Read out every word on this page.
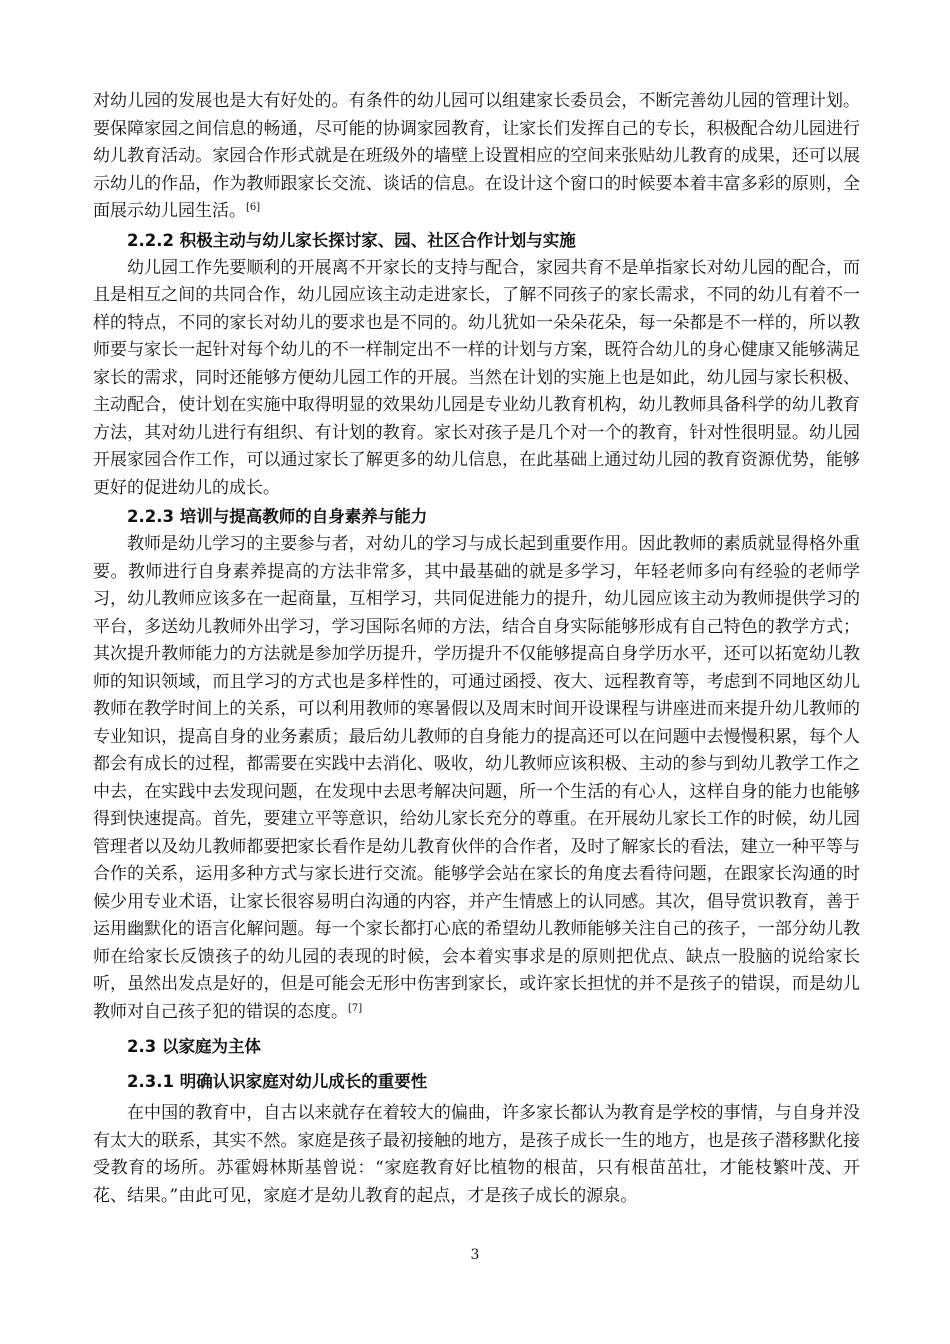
对幼儿园的发展也是大有好处的。有条件的幼儿园可以组建家长委员会，不断完善幼儿园的管理计划。要保障家园之间信息的畅通，尽可能的协调家园教育，让家长们发挥自己的专长，积极配合幼儿园进行幼儿教育活动。家园合作形式就是在班级外的墙壁上设置相应的空间来张贴幼儿教育的成果，还可以展示幼儿的作品，作为教师跟家长交流、谈话的信息。在设计这个窗口的时候要本着丰富多彩的原则，全面展示幼儿园生活。[6]

2.2.2 积极主动与幼儿家长探讨家、园、社区合作计划与实施

幼儿园工作先要顺利的开展离不开家长的支持与配合，家园共育不是单指家长对幼儿园的配合，而且是相互之间的共同合作，幼儿园应该主动走进家长，了解不同孩子的家长需求，不同的幼儿有着不一样的特点，不同的家长对幼儿的要求也是不同的。幼儿犹如一朵朵花朵，每一朵都是不一样的，所以教师要与家长一起针对每个幼儿的不一样制定出不一样的计划与方案，既符合幼儿的身心健康又能够满足家长的需求，同时还能够方便幼儿园工作的开展。当然在计划的实施上也是如此，幼儿园与家长积极、主动配合，使计划在实施中取得明显的效果幼儿园是专业幼儿教育机构，幼儿教师具备科学的幼儿教育方法，其对幼儿进行有组织、有计划的教育。家长对孩子是几个对一个的教育，针对性很明显。幼儿园开展家园合作工作，可以通过家长了解更多的幼儿信息，在此基础上通过幼儿园的教育资源优势，能够更好的促进幼儿的成长。

2.2.3 培训与提高教师的自身素养与能力

教师是幼儿学习的主要参与者，对幼儿的学习与成长起到重要作用。因此教师的素质就显得格外重要。教师进行自身素养提高的方法非常多，其中最基础的就是多学习，年轻老师多向有经验的老师学习，幼儿教师应该多在一起商量，互相学习，共同促进能力的提升，幼儿园应该主动为教师提供学习的平台，多送幼儿教师外出学习，学习国际名师的方法，结合自身实际能够形成有自己特色的教学方式；其次提升教师能力的方法就是参加学历提升，学历提升不仅能够提高自身学历水平，还可以拓宽幼儿教师的知识领域，而且学习的方式也是多样性的，可通过函授、夜大、远程教育等，考虑到不同地区幼儿教师在教学时间上的关系，可以利用教师的寒暑假以及周末时间开设课程与讲座进而来提升幼儿教师的专业知识，提高自身的业务素质；最后幼儿教师的自身能力的提高还可以在问题中去慢慢积累，每个人都会有成长的过程，都需要在实践中去消化、吸收，幼儿教师应该积极、主动的参与到幼儿教学工作之中去，在实践中去发现问题，在发现中去思考解决问题，所一个生活的有心人，这样自身的能力也能够得到快速提高。首先，要建立平等意识，给幼儿家长充分的尊重。在开展幼儿家长工作的时候，幼儿园管理者以及幼儿教师都要把家长看作是幼儿教育伙伴的合作者，及时了解家长的看法，建立一种平等与合作的关系，运用多种方式与家长进行交流。能够学会站在家长的角度去看待问题，在跟家长沟通的时候少用专业术语，让家长很容易明白沟通的内容，并产生情感上的认同感。其次，倡导赏识教育，善于运用幽默化的语言化解问题。每一个家长都打心底的希望幼儿教师能够关注自己的孩子，一部分幼儿教师在给家长反馈孩子的幼儿园的表现的时候，会本着实事求是的原则把优点、缺点一股脑的说给家长听，虽然出发点是好的，但是可能会无形中伤害到家长，或许家长担忧的并不是孩子的错误，而是幼儿教师对自己孩子犯的错误的态度。[7]

2.3 以家庭为主体
2.3.1 明确认识家庭对幼儿成长的重要性

在中国的教育中，自古以来就存在着较大的偏曲，许多家长都认为教育是学校的事情，与自身并没有太大的联系，其实不然。家庭是孩子最初接触的地方，是孩子成长一生的地方，也是孩子潜移默化接受教育的场所。苏霍姆林斯基曾说：“家庭教育好比植物的根苗，只有根苗茁壮，才能枝繁叶茂、开花、结果。”由此可见，家庭才是幼儿教育的起点，才是孩子成长的源泉。

3
